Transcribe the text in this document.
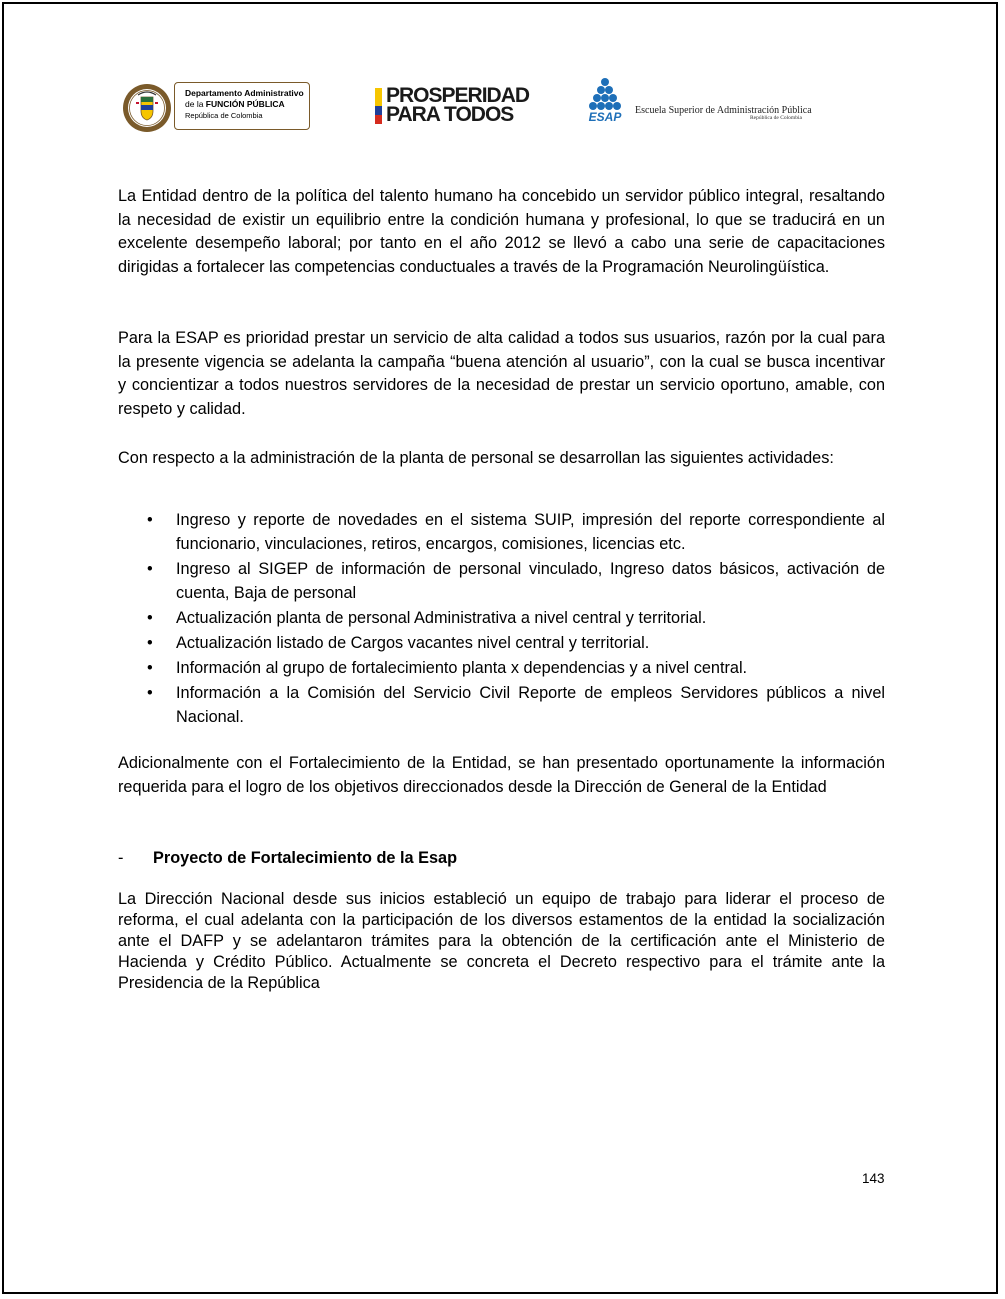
Departamento Administrativo
de la FUNCIÓN PÚBLICA
República de Colombia
PROSPERIDAD
PARA TODOS	ESAP Escuela Superior de Administración Pública
República de Colombia
La Entidad dentro de la política del talento humano ha concebido un servidor público integral, resaltando la necesidad de existir un equilibrio entre la condición humana y profesional, lo que se traducirá en un excelente desempeño laboral; por tanto en el año 2012 se llevó a cabo una serie de capacitaciones dirigidas a fortalecer las competencias conductuales a través de la Programación Neurolingüística.
Para la ESAP es prioridad prestar un servicio de alta calidad a todos sus usuarios, razón por la cual para la presente vigencia se adelanta la campaña “buena atención al usuario”, con la cual se busca incentivar y concientizar a todos nuestros servidores de la necesidad de prestar un servicio oportuno, amable, con respeto y calidad.
Con respecto a la administración de la planta de personal se desarrollan las siguientes actividades:
• Ingreso y reporte de novedades en el sistema SUIP, impresión del reporte correspondiente al funcionario, vinculaciones, retiros, encargos, comisiones, licencias etc.
• Ingreso al SIGEP de información de personal vinculado, Ingreso datos básicos, activación de cuenta, Baja de personal
• Actualización planta de personal Administrativa a nivel central y territorial.
• Actualización listado de Cargos vacantes nivel central y territorial.
• Información al grupo de fortalecimiento planta x dependencias y a nivel central.
• Información a la Comisión del Servicio Civil Reporte de empleos Servidores públicos a nivel Nacional.
Adicionalmente con el Fortalecimiento de la Entidad, se han presentado oportunamente la información requerida para el logro de los objetivos direccionados desde la Dirección de General de la Entidad
- Proyecto de Fortalecimiento de la Esap
La Dirección Nacional desde sus inicios estableció un equipo de trabajo para liderar el proceso de reforma, el cual adelanta con la participación de los diversos estamentos de la entidad la socialización ante el DAFP y se adelantaron trámites para la obtención de la certificación ante el Ministerio de Hacienda y Crédito Público. Actualmente se concreta el Decreto respectivo para el trámite ante la Presidencia de la República
143
